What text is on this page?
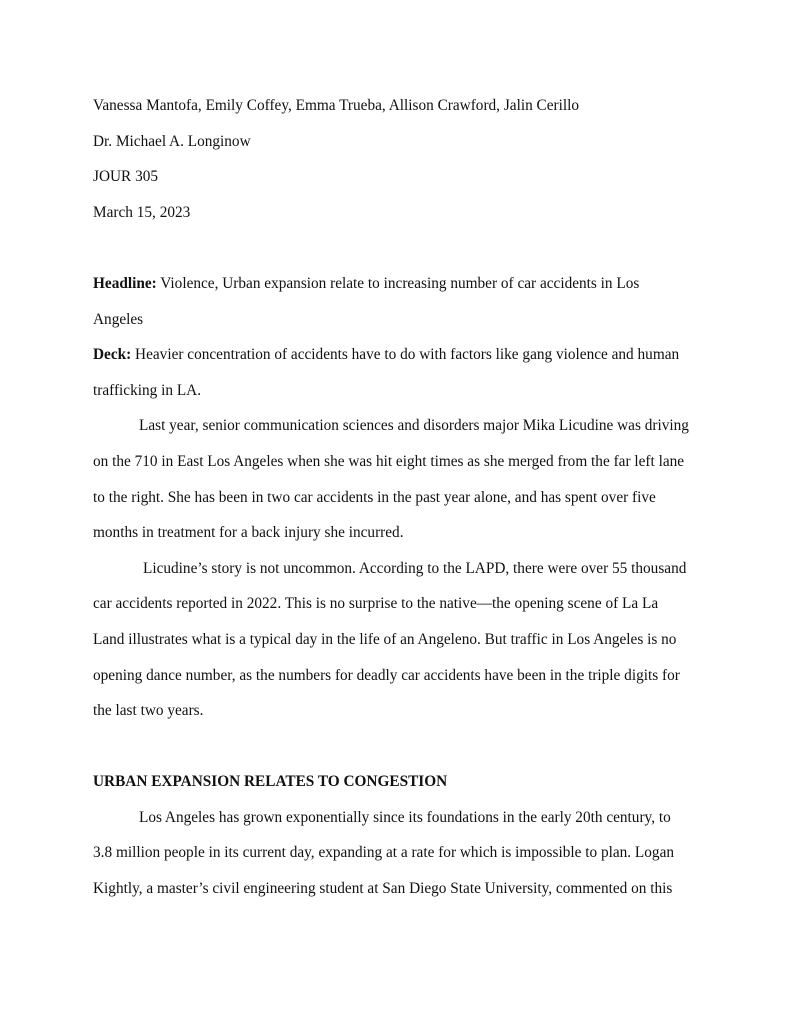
Vanessa Mantofa, Emily Coffey, Emma Trueba, Allison Crawford, Jalin Cerillo

Dr. Michael A. Longinow

JOUR 305

March 15, 2023

Headline: Violence, Urban expansion relate to increasing number of car accidents in Los

Angeles

Deck: Heavier concentration of accidents have to do with factors like gang violence and human

trafficking in LA.

Last year, senior communication sciences and disorders major Mika Licudine was driving

on the 710 in East Los Angeles when she was hit eight times as she merged from the far left lane

to the right. She has been in two car accidents in the past year alone, and has spent over five

months in treatment for a back injury she incurred.

Licudine’s story is not uncommon. According to the LAPD, there were over 55 thousand

car accidents reported in 2022. This is no surprise to the native—the opening scene of La La

Land illustrates what is a typical day in the life of an Angeleno. But traffic in Los Angeles is no

opening dance number, as the numbers for deadly car accidents have been in the triple digits for

the last two years.

URBAN EXPANSION RELATES TO CONGESTION

Los Angeles has grown exponentially since its foundations in the early 20th century, to

3.8 million people in its current day, expanding at a rate for which is impossible to plan. Logan

Kightly, a master’s civil engineering student at San Diego State University, commented on this
